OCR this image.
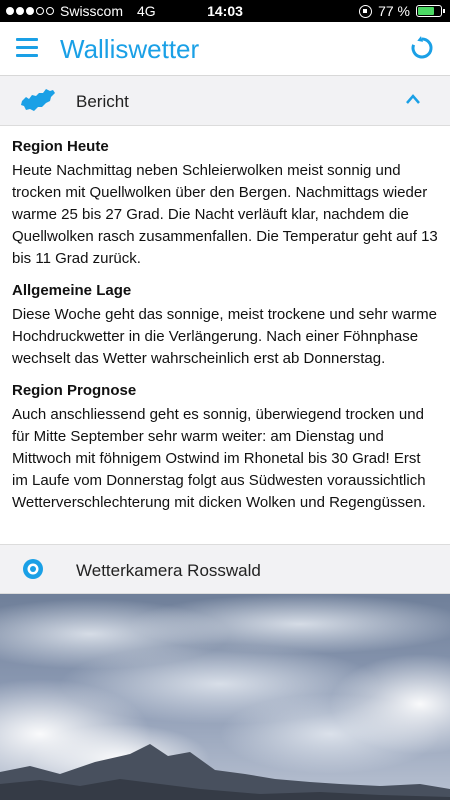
Swisscom 4G	14:03	77 %
Walliswetter
Bericht
Region Heute
Heute Nachmittag neben Schleierwolken meist sonnig und trocken mit Quellwolken über den Bergen. Nachmittags wieder warme 25 bis 27 Grad. Die Nacht verläuft klar, nachdem die Quellwolken rasch zusammenfallen. Die Temperatur geht auf 13 bis 11 Grad zurück.
Allgemeine Lage
Diese Woche geht das sonnige, meist trockene und sehr warme Hochdruckwetter in die Verlängerung. Nach einer Föhnphase wechselt das Wetter wahrscheinlich erst ab Donnerstag.
Region Prognose
Auch anschliessend geht es sonnig, überwiegend trocken und für Mitte September sehr warm weiter: am Dienstag und Mittwoch mit föhnigem Ostwind im Rhonetal bis 30 Grad! Erst im Laufe vom Donnerstag folgt aus Südwesten voraussichtlich Wetterverschlechterung mit dicken Wolken und Regengüssen.
Wetterkamera Rosswald
